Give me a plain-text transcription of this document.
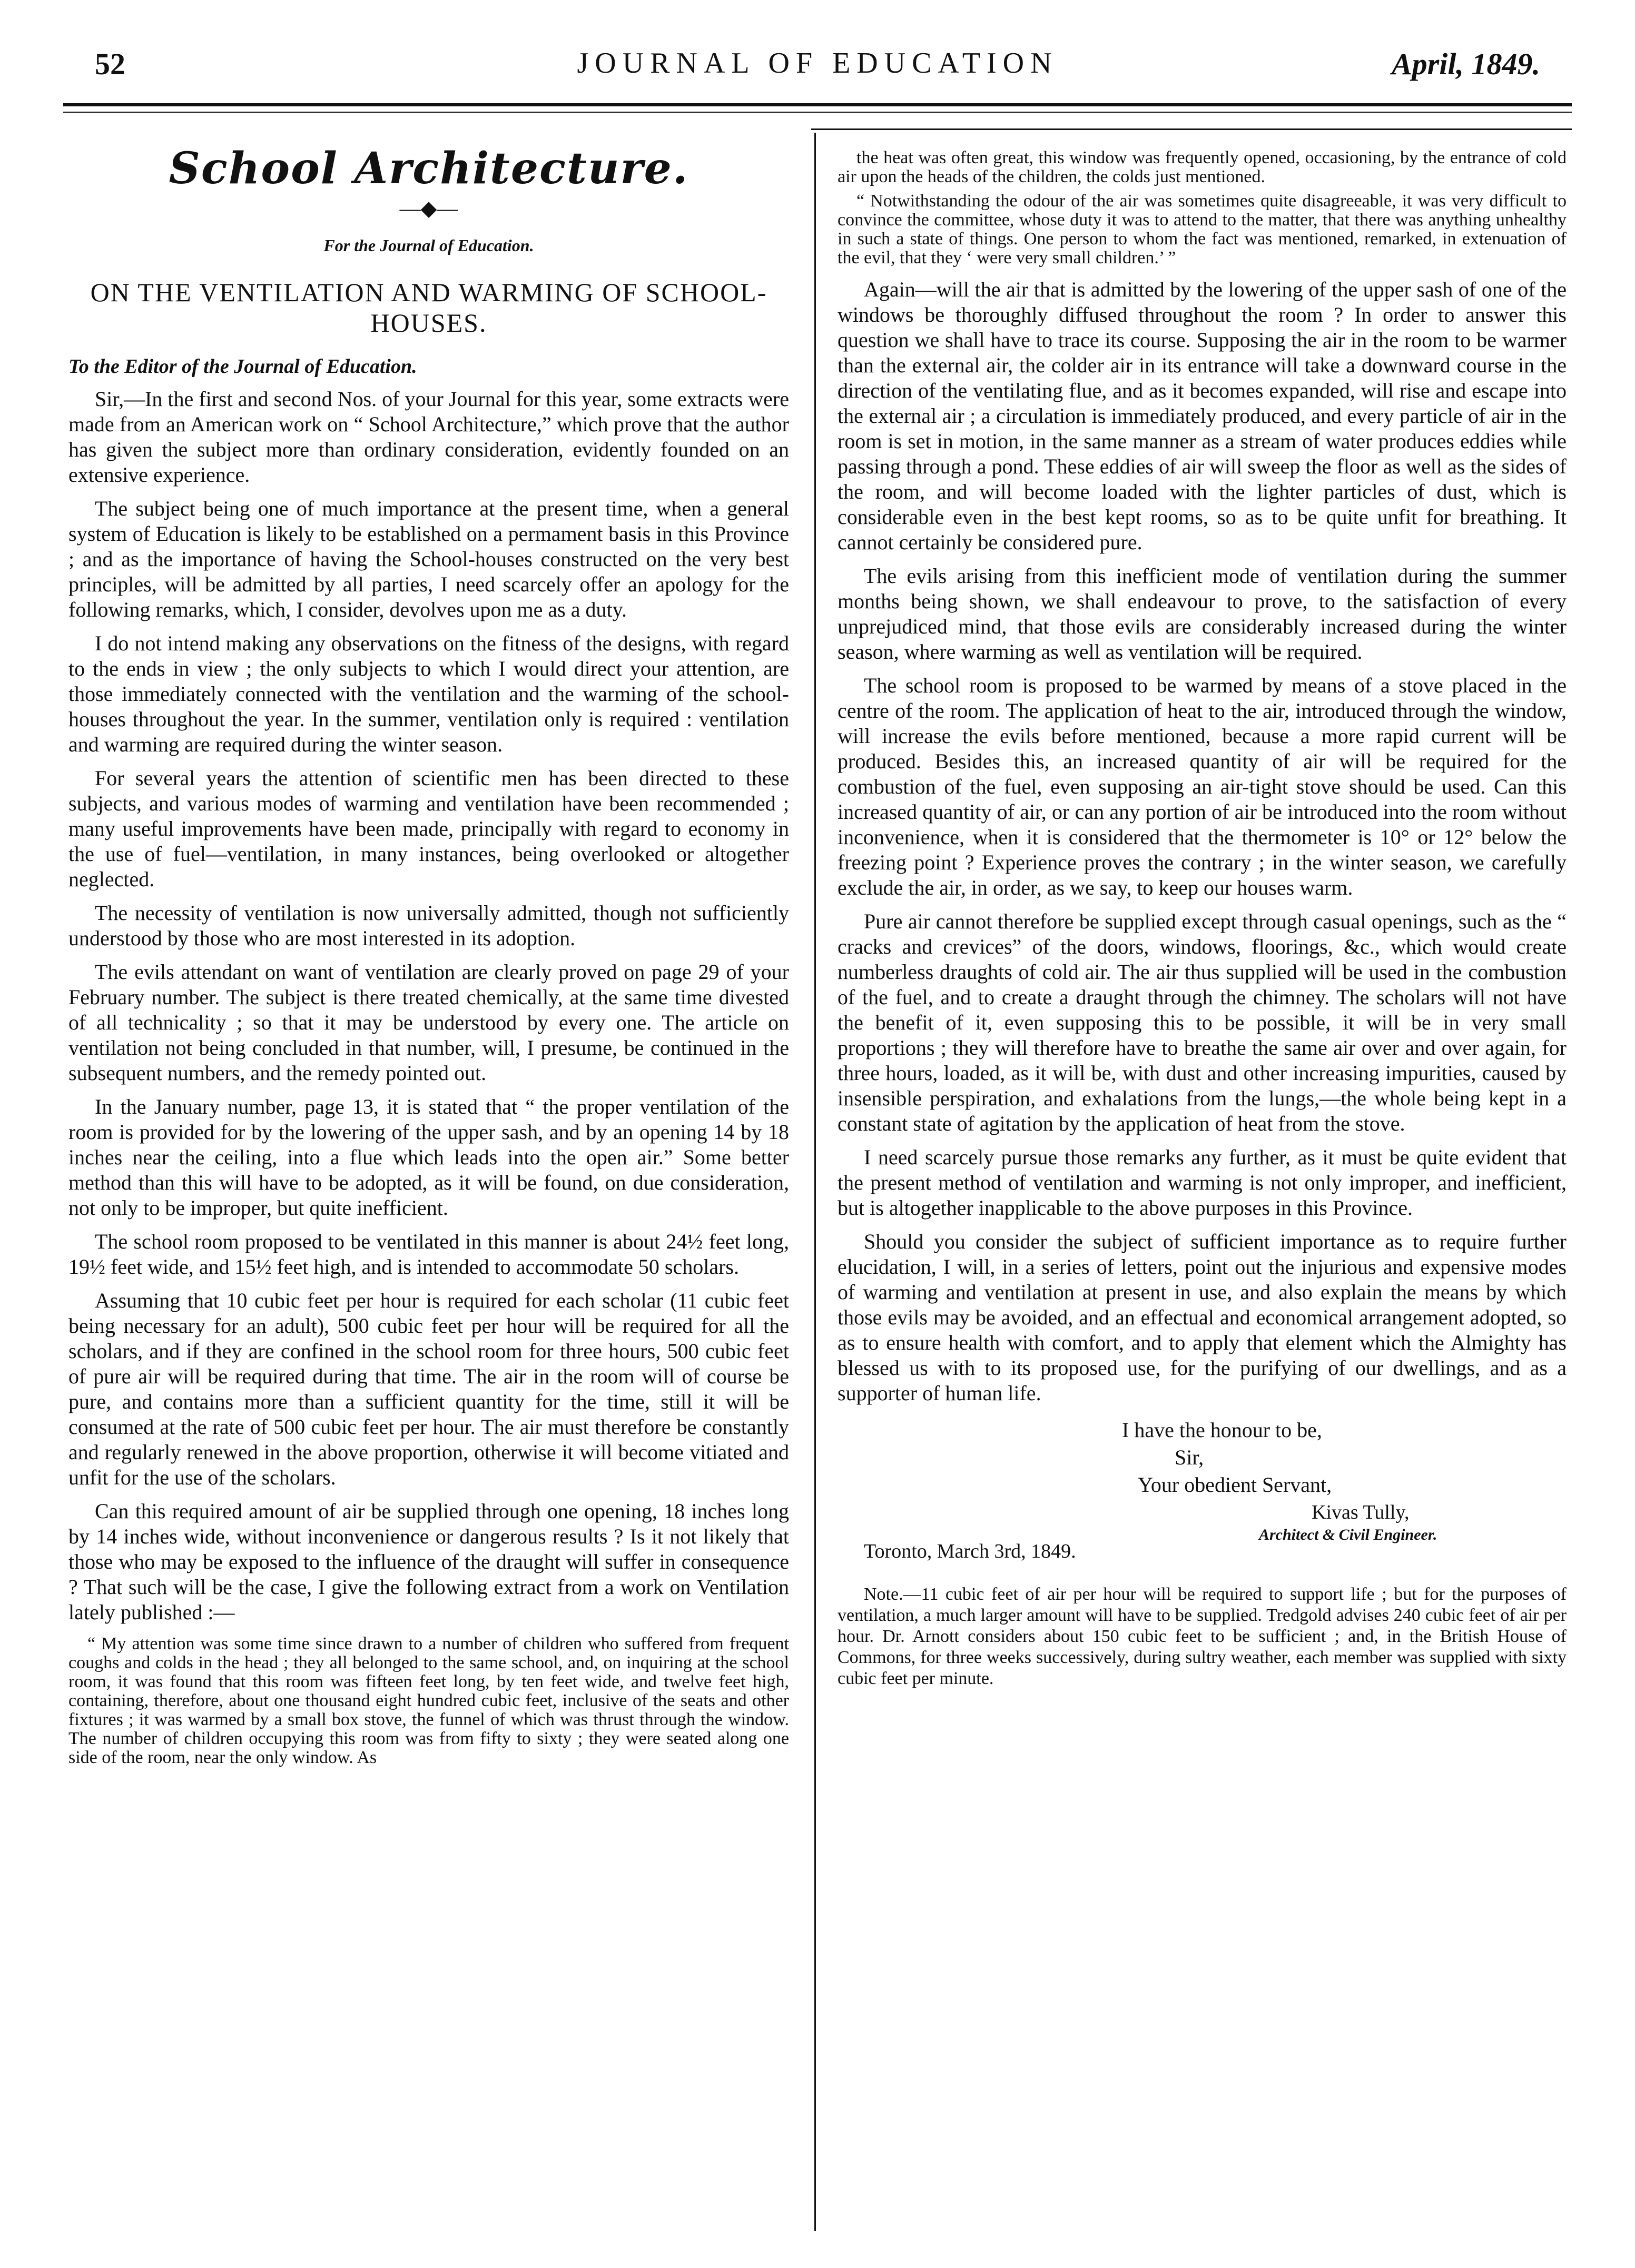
52	JOURNAL OF EDUCATION	April, 1849.
School Architecture.
—◆—
For the Journal of Education.
ON THE VENTILATION AND WARMING OF SCHOOL-HOUSES.
To the Editor of the Journal of Education.

Sir,—In the first and second Nos. of your Journal for this year, some extracts were made from an American work on “ School Architecture,” which prove that the author has given the subject more than ordinary consideration, evidently founded on an extensive experience.

The subject being one of much importance at the present time, when a general system of Education is likely to be established on a permament basis in this Province ; and as the importance of having the School-houses constructed on the very best principles, will be admitted by all parties, I need scarcely offer an apology for the following remarks, which, I consider, devolves upon me as a duty.

I do not intend making any observations on the fitness of the designs, with regard to the ends in view ; the only subjects to which I would direct your attention, are those immediately connected with the ventilation and the warming of the school-houses throughout the year. In the summer, ventilation only is required : ventilation and warming are required during the winter season.

For several years the attention of scientific men has been directed to these subjects, and various modes of warming and ventilation have been recommended ; many useful improvements have been made, principally with regard to economy in the use of fuel—ventilation, in many instances, being overlooked or altogether neglected.

The necessity of ventilation is now universally admitted, though not sufficiently understood by those who are most interested in its adoption.

The evils attendant on want of ventilation are clearly proved on page 29 of your February number. The subject is there treated chemically, at the same time divested of all technicality ; so that it may be understood by every one. The article on ventilation not being concluded in that number, will, I presume, be continued in the subsequent numbers, and the remedy pointed out.

In the January number, page 13, it is stated that “ the proper ventilation of the room is provided for by the lowering of the upper sash, and by an opening 14 by 18 inches near the ceiling, into a flue which leads into the open air.” Some better method than this will have to be adopted, as it will be found, on due consideration, not only to be improper, but quite inefficient.

The school room proposed to be ventilated in this manner is about 24½ feet long, 19½ feet wide, and 15½ feet high, and is intended to accommodate 50 scholars.

Assuming that 10 cubic feet per hour is required for each scholar (11 cubic feet being necessary for an adult), 500 cubic feet per hour will be required for all the scholars, and if they are confined in the school room for three hours, 500 cubic feet of pure air will be required during that time. The air in the room will of course be pure, and contains more than a sufficient quantity for the time, still it will be consumed at the rate of 500 cubic feet per hour. The air must therefore be constantly and regularly renewed in the above proportion, otherwise it will become vitiated and unfit for the use of the scholars.

Can this required amount of air be supplied through one opening, 18 inches long by 14 inches wide, without inconvenience or dangerous results ? Is it not likely that those who may be exposed to the influence of the draught will suffer in consequence ? That such will be the case, I give the following extract from a work on Ventilation lately published :—

“ My attention was some time since drawn to a number of children who suffered from frequent coughs and colds in the head ; they all belonged to the same school, and, on inquiring at the school room, it was found that this room was fifteen feet long, by ten feet wide, and twelve feet high, containing, therefore, about one thousand eight hundred cubic feet, inclusive of the seats and other fixtures ; it was warmed by a small box stove, the funnel of which was thrust through the window. The number of children occupying this room was from fifty to sixty ; they were seated along one side of the room, near the only window. As

the heat was often great, this window was frequently opened, occasioning, by the entrance of cold air upon the heads of the children, the colds just mentioned.

“ Notwithstanding the odour of the air was sometimes quite disagreeable, it was very difficult to convince the committee, whose duty it was to attend to the matter, that there was anything unhealthy in such a state of things. One person to whom the fact was mentioned, remarked, in extenuation of the evil, that they ‘ were very small children.’ ”

Again—will the air that is admitted by the lowering of the upper sash of one of the windows be thoroughly diffused throughout the room ? In order to answer this question we shall have to trace its course. Supposing the air in the room to be warmer than the external air, the colder air in its entrance will take a downward course in the direction of the ventilating flue, and as it becomes expanded, will rise and escape into the external air ; a circulation is immediately produced, and every particle of air in the room is set in motion, in the same manner as a stream of water produces eddies while passing through a pond. These eddies of air will sweep the floor as well as the sides of the room, and will become loaded with the lighter particles of dust, which is considerable even in the best kept rooms, so as to be quite unfit for breathing. It cannot certainly be considered pure.

The evils arising from this inefficient mode of ventilation during the summer months being shown, we shall endeavour to prove, to the satisfaction of every unprejudiced mind, that those evils are considerably increased during the winter season, where warming as well as ventilation will be required.

The school room is proposed to be warmed by means of a stove placed in the centre of the room. The application of heat to the air, introduced through the window, will increase the evils before mentioned, because a more rapid current will be produced. Besides this, an increased quantity of air will be required for the combustion of the fuel, even supposing an air-tight stove should be used. Can this increased quantity of air, or can any portion of air be introduced into the room without inconvenience, when it is considered that the thermometer is 10° or 12° below the freezing point ? Experience proves the contrary ; in the winter season, we carefully exclude the air, in order, as we say, to keep our houses warm.

Pure air cannot therefore be supplied except through casual openings, such as the “ cracks and crevices” of the doors, windows, floorings, &c., which would create numberless draughts of cold air. The air thus supplied will be used in the combustion of the fuel, and to create a draught through the chimney. The scholars will not have the benefit of it, even supposing this to be possible, it will be in very small proportions ; they will therefore have to breathe the same air over and over again, for three hours, loaded, as it will be, with dust and other increasing impurities, caused by insensible perspiration, and exhalations from the lungs,—the whole being kept in a constant state of agitation by the application of heat from the stove.

I need scarcely pursue those remarks any further, as it must be quite evident that the present method of ventilation and warming is not only improper, and inefficient, but is altogether inapplicable to the above purposes in this Province.

Should you consider the subject of sufficient importance as to require further elucidation, I will, in a series of letters, point out the injurious and expensive modes of warming and ventilation at present in use, and also explain the means by which those evils may be avoided, and an effectual and economical arrangement adopted, so as to ensure health with comfort, and to apply that element which the Almighty has blessed us with to its proposed use, for the purifying of our dwellings, and as a supporter of human life.

I have the honour to be,
Sir,
Your obedient Servant,
Kivas Tully,
Architect & Civil Engineer.
Toronto, March 3rd, 1849.
Note.—11 cubic feet of air per hour will be required to support life ; but for the purposes of ventilation, a much larger amount will have to be supplied. Tredgold advises 240 cubic feet of air per hour. Dr. Arnott considers about 150 cubic feet to be sufficient ; and, in the British House of Commons, for three weeks successively, during sultry weather, each member was supplied with sixty cubic feet per minute.
